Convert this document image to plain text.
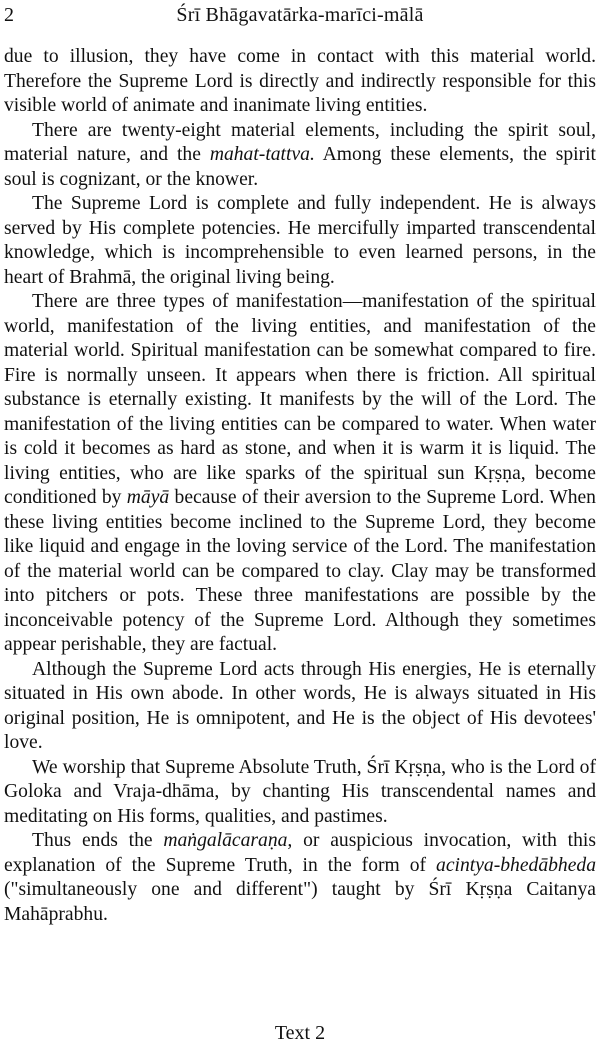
2	Śrī Bhāgavatārka-marīci-mālā

due to illusion, they have come in contact with this material world. Therefore the Supreme Lord is directly and indirectly responsible for this visible world of animate and inanimate living entities.

There are twenty-eight material elements, including the spirit soul, material nature, and the mahat-tattva. Among these elements, the spirit soul is cognizant, or the knower.

The Supreme Lord is complete and fully independent. He is always served by His complete potencies. He mercifully imparted transcendental knowledge, which is incomprehensible to even learned persons, in the heart of Brahmā, the original living being.

There are three types of manifestation—manifestation of the spiritual world, manifestation of the living entities, and manifestation of the material world. Spiritual manifestation can be somewhat compared to fire. Fire is normally unseen. It appears when there is friction. All spiritual substance is eternally existing. It manifests by the will of the Lord. The manifestation of the living entities can be compared to water. When water is cold it becomes as hard as stone, and when it is warm it is liquid. The living entities, who are like sparks of the spiritual sun Kṛṣṇa, become conditioned by māyā because of their aversion to the Supreme Lord. When these living entities become inclined to the Supreme Lord, they become like liquid and engage in the loving service of the Lord. The manifestation of the material world can be compared to clay. Clay may be transformed into pitchers or pots. These three manifestations are possible by the inconceivable potency of the Supreme Lord. Although they sometimes appear perishable, they are factual.

Although the Supreme Lord acts through His energies, He is eternally situated in His own abode. In other words, He is always situated in His original position, He is omnipotent, and He is the object of His devotees' love.

We worship that Supreme Absolute Truth, Śrī Kṛṣṇa, who is the Lord of Goloka and Vraja-dhāma, by chanting His transcendental names and meditating on His forms, qualities, and pastimes.

Thus ends the maṅgalācaraṇa, or auspicious invocation, with this explanation of the Supreme Truth, in the form of acintya-bhedābheda ("simultaneously one and different") taught by Śrī Kṛṣṇa Caitanya Mahāprabhu.

Text 2
